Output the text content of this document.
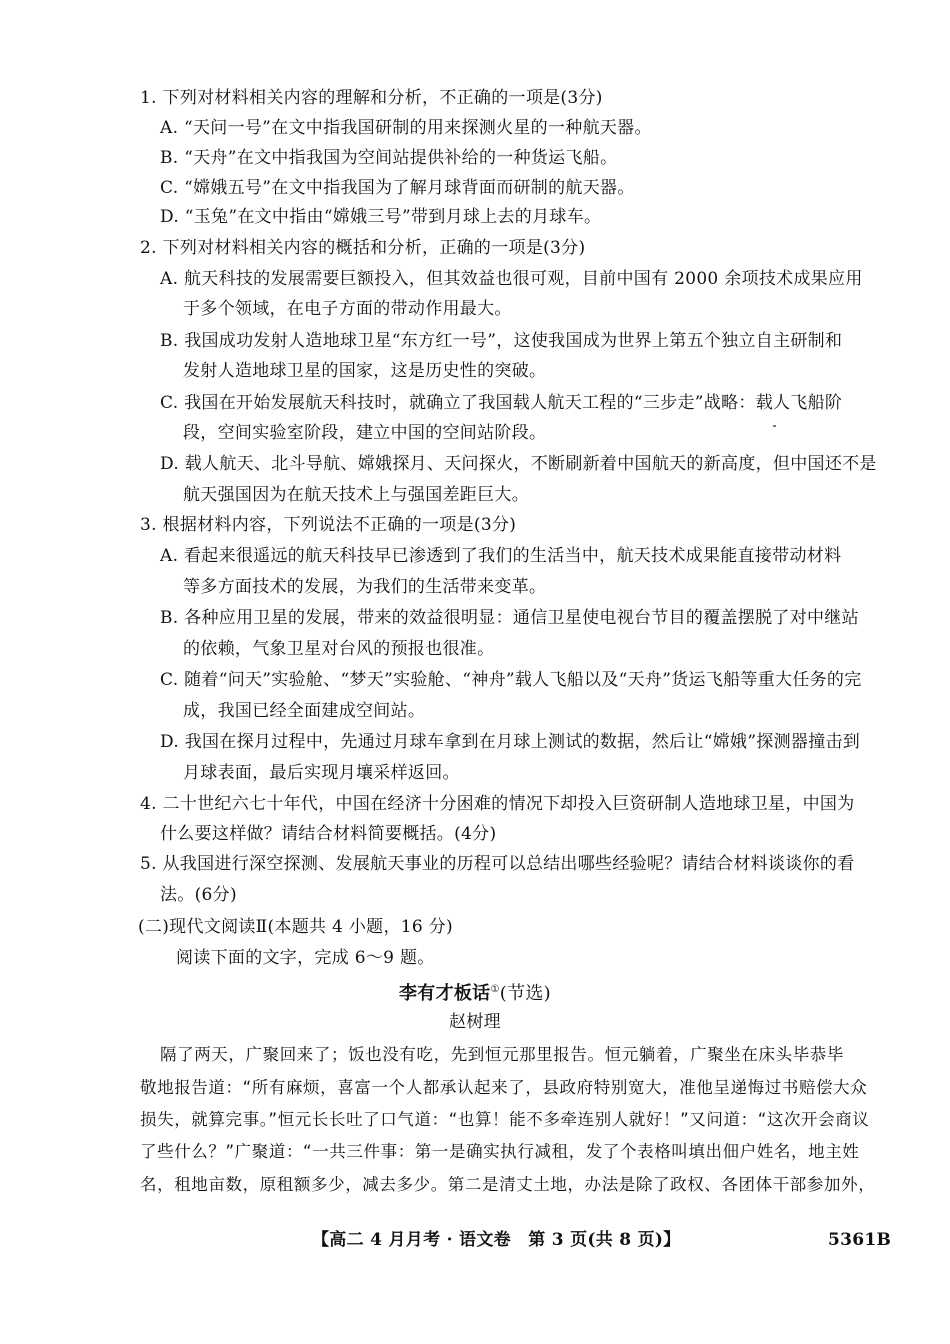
1. 下列对材料相关内容的理解和分析，不正确的一项是(3分)
A. “天问一号”在文中指我国研制的用来探测火星的一种航天器。
B. “天舟”在文中指我国为空间站提供补给的一种货运飞船。
C. “嫦娥五号”在文中指我国为了解月球背面而研制的航天器。
D. “玉兔”在文中指由“嫦娥三号”带到月球上去的月球车。
2. 下列对材料相关内容的概括和分析，正确的一项是(3分)
A. 航天科技的发展需要巨额投入，但其效益也很可观，目前中国有 2000 余项技术成果应用
于多个领域，在电子方面的带动作用最大。
B. 我国成功发射人造地球卫星“东方红一号”，这使我国成为世界上第五个独立自主研制和
发射人造地球卫星的国家，这是历史性的突破。
C. 我国在开始发展航天科技时，就确立了我国载人航天工程的“三步走”战略：载人飞船阶
段，空间实验室阶段，建立中国的空间站阶段。
D. 载人航天、北斗导航、嫦娥探月、天问探火，不断刷新着中国航天的新高度，但中国还不是
航天强国因为在航天技术上与强国差距巨大。
3. 根据材料内容，下列说法不正确的一项是(3分)
A. 看起来很遥远的航天科技早已渗透到了我们的生活当中，航天技术成果能直接带动材料
等多方面技术的发展，为我们的生活带来变革。
B. 各种应用卫星的发展，带来的效益很明显：通信卫星使电视台节目的覆盖摆脱了对中继站
的依赖，气象卫星对台风的预报也很准。
C. 随着“问天”实验舱、“梦天”实验舱、“神舟”载人飞船以及“天舟”货运飞船等重大任务的完
成，我国已经全面建成空间站。
D. 我国在探月过程中，先通过月球车拿到在月球上测试的数据，然后让“嫦娥”探测器撞击到
月球表面，最后实现月壤采样返回。
4. 二十世纪六七十年代，中国在经济十分困难的情况下却投入巨资研制人造地球卫星，中国为
什么要这样做？请结合材料简要概括。(4分)
5. 从我国进行深空探测、发展航天事业的历程可以总结出哪些经验呢？请结合材料谈谈你的看
法。(6分)
(二)现代文阅读Ⅱ(本题共 4 小题，16 分)
阅读下面的文字，完成 6～9 题。
李有才板话①(节选)
赵树理
隔了两天，广聚回来了；饭也没有吃，先到恒元那里报告。恒元躺着，广聚坐在床头毕恭毕
敬地报告道：“所有麻烦，喜富一个人都承认起来了，县政府特别宽大，准他呈递悔过书赔偿大众
损失，就算完事。”恒元长长吐了口气道：“也算！能不多牵连别人就好！”又问道：“这次开会商议
了些什么？”广聚道：“一共三件事：第一是确实执行减租，发了个表格叫填出佃户姓名，地主姓
名，租地亩数，原租额多少，减去多少。第二是清丈土地，办法是除了政权、各团体干部参加外，
【高二 4 月月考 · 语文卷　第 3 页(共 8 页)】	5361B
